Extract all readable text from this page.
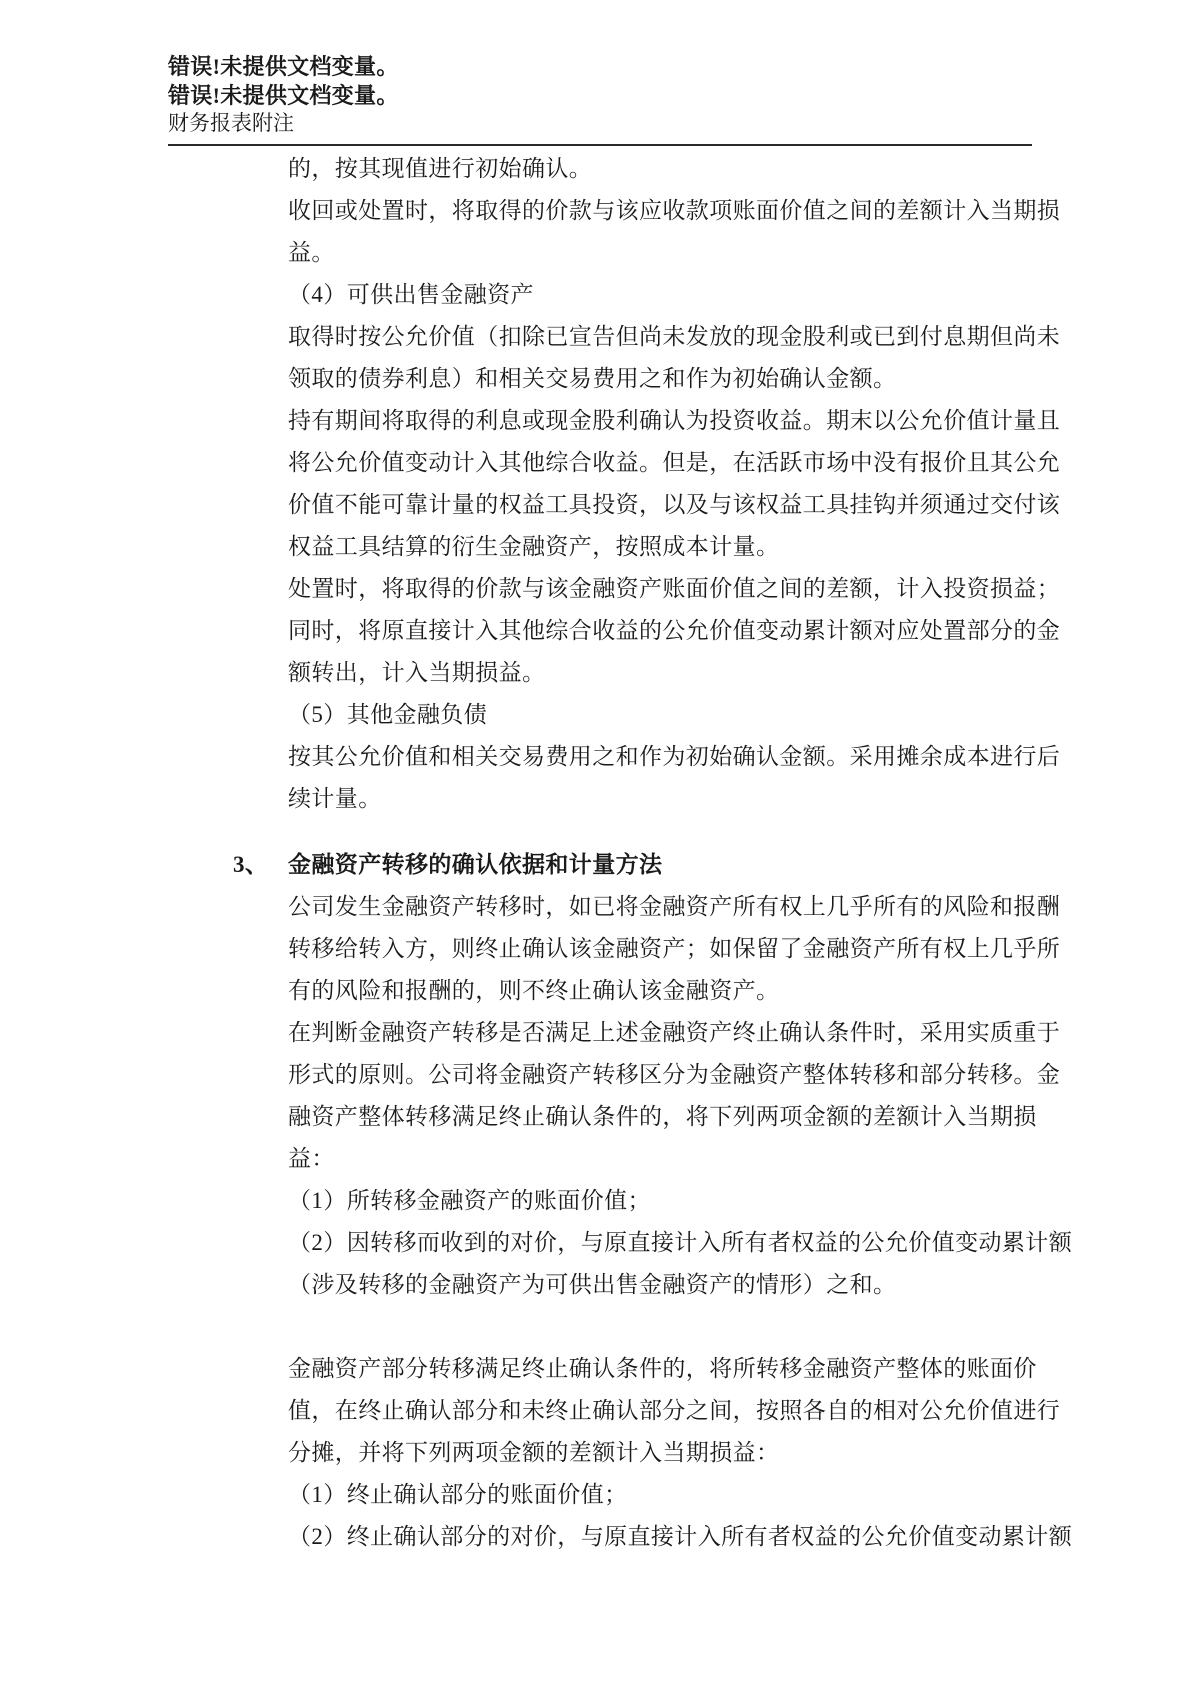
错误!未提供文档变量。
错误!未提供文档变量。
财务报表附注
的，按其现值进行初始确认。
收回或处置时，将取得的价款与该应收款项账面价值之间的差额计入当期损
益。
（4）可供出售金融资产
取得时按公允价值（扣除已宣告但尚未发放的现金股利或已到付息期但尚未
领取的债券利息）和相关交易费用之和作为初始确认金额。
持有期间将取得的利息或现金股利确认为投资收益。期末以公允价值计量且
将公允价值变动计入其他综合收益。但是，在活跃市场中没有报价且其公允
价值不能可靠计量的权益工具投资，以及与该权益工具挂钩并须通过交付该
权益工具结算的衍生金融资产，按照成本计量。
处置时，将取得的价款与该金融资产账面价值之间的差额，计入投资损益；
同时，将原直接计入其他综合收益的公允价值变动累计额对应处置部分的金
额转出，计入当期损益。
（5）其他金融负债
按其公允价值和相关交易费用之和作为初始确认金额。采用摊余成本进行后
续计量。
3、 金融资产转移的确认依据和计量方法
公司发生金融资产转移时，如已将金融资产所有权上几乎所有的风险和报酬
转移给转入方，则终止确认该金融资产；如保留了金融资产所有权上几乎所
有的风险和报酬的，则不终止确认该金融资产。
在判断金融资产转移是否满足上述金融资产终止确认条件时，采用实质重于
形式的原则。公司将金融资产转移区分为金融资产整体转移和部分转移。金
融资产整体转移满足终止确认条件的，将下列两项金额的差额计入当期损
益：
（1）所转移金融资产的账面价值；
（2）因转移而收到的对价，与原直接计入所有者权益的公允价值变动累计额
（涉及转移的金融资产为可供出售金融资产的情形）之和。
金融资产部分转移满足终止确认条件的，将所转移金融资产整体的账面价
值，在终止确认部分和未终止确认部分之间，按照各自的相对公允价值进行
分摊，并将下列两项金额的差额计入当期损益：
（1）终止确认部分的账面价值；
（2）终止确认部分的对价，与原直接计入所有者权益的公允价值变动累计额
